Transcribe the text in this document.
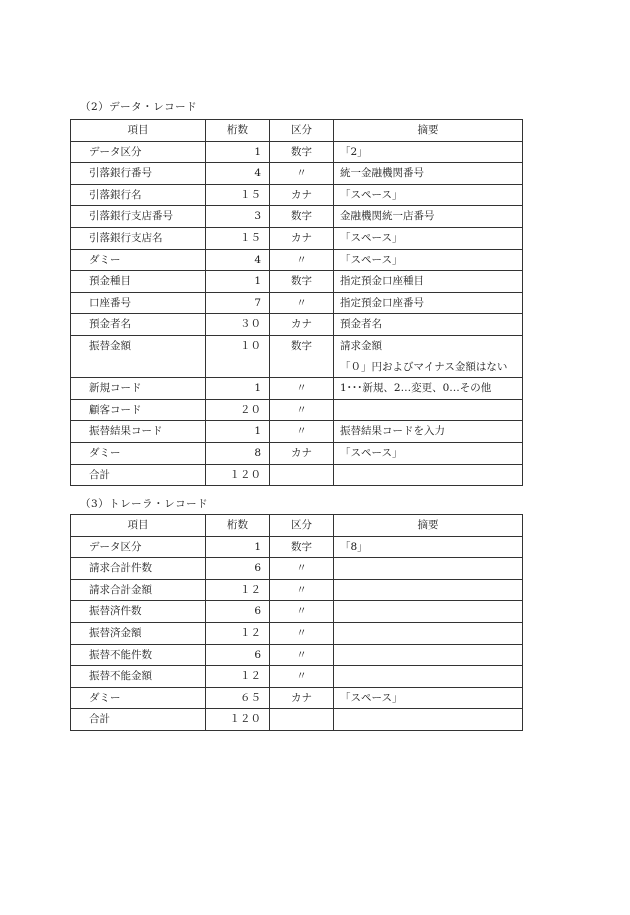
（2）データ・レコード
項目	桁数	区分	摘要
データ区分	1	数字	「2」

引落銀行番号	4	〃	統一金融機関番号

引落銀行名	１５	カナ	「スペース」

引落銀行支店番号	3	数字	金融機関統一店番号

引落銀行支店名	１５	カナ	「スペース」

ダミー	4	〃	「スペース」

預金種目	1	数字	指定預金口座種目

口座番号	7	〃	指定預金口座番号

預金者名	３０	カナ	預金者名

振替金額	１０	数字	請求金額
「０」円およびマイナス金額はない

新規コード	1	〃	1･･･新規、2…変更、0…その他

顧客コード	２０	〃	

振替結果コード	1	〃	振替結果コードを入力

ダミー	8	カナ	「スペース」

合計	１２０		
（3）トレーラ・レコード
項目	桁数	区分	摘要
データ区分	1	数字	「8」

請求合計件数	6	〃	

請求合計金額	１２	〃	

振替済件数	6	〃	

振替済金額	１２	〃	

振替不能件数	6	〃	

振替不能金額	１２	〃	

ダミー	６５	カナ	「スペース」

合計	１２０		
